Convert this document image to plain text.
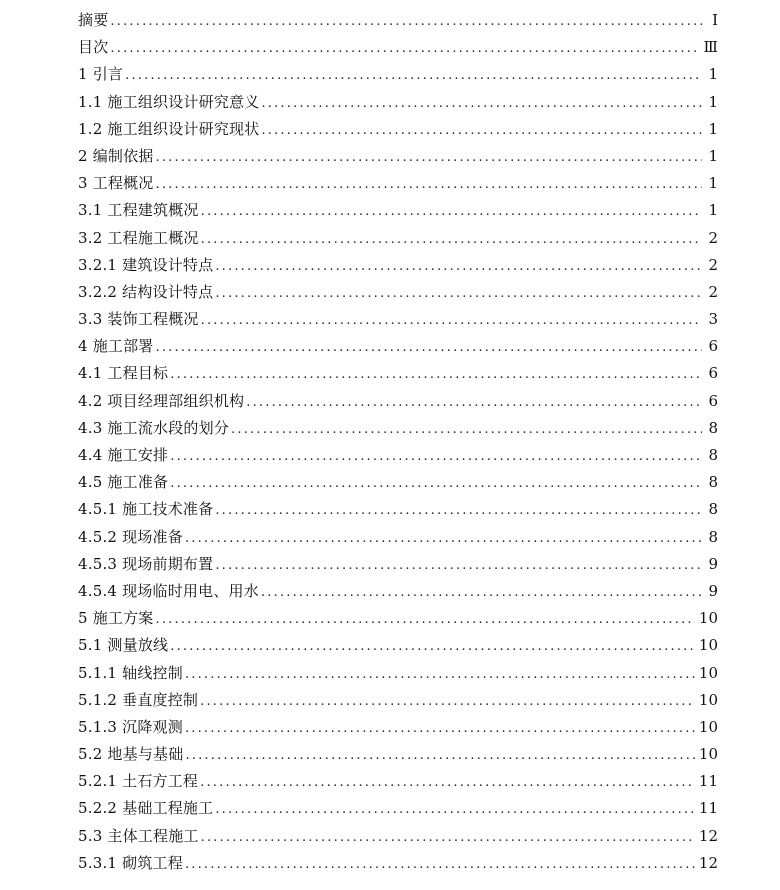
摘要 .....	Ⅰ
目次 .....	Ⅲ
1 引言 .....	1
1.1 施工组织设计研究意义 .....	1
1.2 施工组织设计研究现状 .....	1
2 编制依据 .....	1
3 工程概况 .....	1
3.1 工程建筑概况 .....	1
3.2 工程施工概况 .....	2
3.2.1 建筑设计特点 .....	2
3.2.2 结构设计特点 .....	2
3.3 装饰工程概况 .....	3
4 施工部署 .....	6
4.1 工程目标 .....	6
4.2 项目经理部组织机构 .....	6
4.3 施工流水段的划分 .....	8
4.4 施工安排 .....	8
4.5 施工准备 .....	8
4.5.1 施工技术准备 .....	8
4.5.2 现场准备 .....	8
4.5.3 现场前期布置 .....	9
4.5.4 现场临时用电、用水 .....	9
5 施工方案 .....	10
5.1 测量放线 .....	10
5.1.1 轴线控制 .....	10
5.1.2 垂直度控制 .....	10
5.1.3 沉降观测 .....	10
5.2 地基与基础 .....	10
5.2.1 土石方工程 .....	11
5.2.2 基础工程施工 .....	11
5.3 主体工程施工 .....	12
5.3.1 砌筑工程 .....	12
